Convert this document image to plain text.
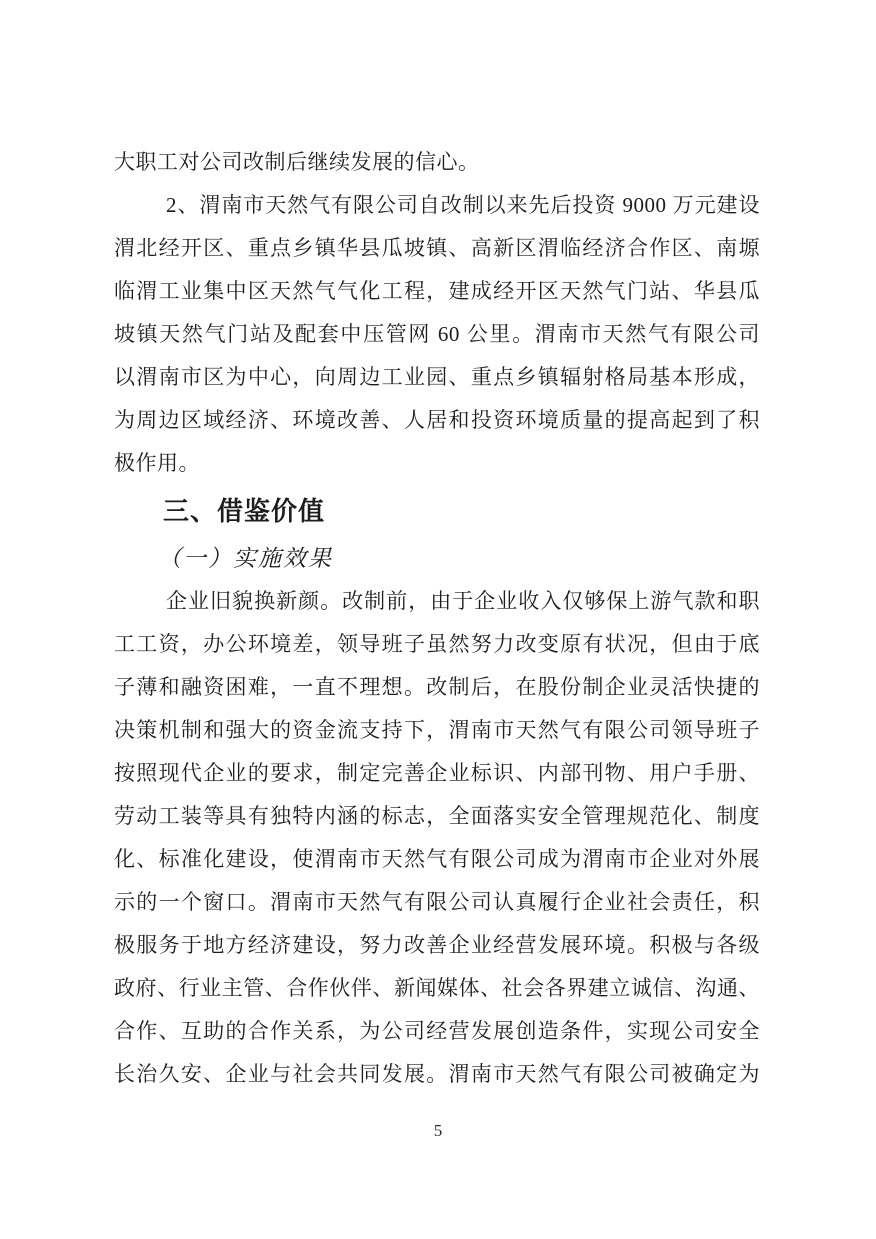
大职工对公司改制后继续发展的信心。
2、渭南市天然气有限公司自改制以来先后投资 9000 万元建设
渭北经开区、重点乡镇华县瓜坡镇、高新区渭临经济合作区、南塬
临渭工业集中区天然气气化工程，建成经开区天然气门站、华县瓜
坡镇天然气门站及配套中压管网 60 公里。渭南市天然气有限公司
以渭南市区为中心，向周边工业园、重点乡镇辐射格局基本形成，
为周边区域经济、环境改善、人居和投资环境质量的提高起到了积
极作用。
三、借鉴价值
（一）实施效果
企业旧貌换新颜。改制前，由于企业收入仅够保上游气款和职
工工资，办公环境差，领导班子虽然努力改变原有状况，但由于底
子薄和融资困难，一直不理想。改制后，在股份制企业灵活快捷的
决策机制和强大的资金流支持下，渭南市天然气有限公司领导班子
按照现代企业的要求，制定完善企业标识、内部刊物、用户手册、
劳动工装等具有独特内涵的标志，全面落实安全管理规范化、制度
化、标准化建设，使渭南市天然气有限公司成为渭南市企业对外展
示的一个窗口。渭南市天然气有限公司认真履行企业社会责任，积
极服务于地方经济建设，努力改善企业经营发展环境。积极与各级
政府、行业主管、合作伙伴、新闻媒体、社会各界建立诚信、沟通、
合作、互助的合作关系，为公司经营发展创造条件，实现公司安全
长治久安、企业与社会共同发展。渭南市天然气有限公司被确定为
5
